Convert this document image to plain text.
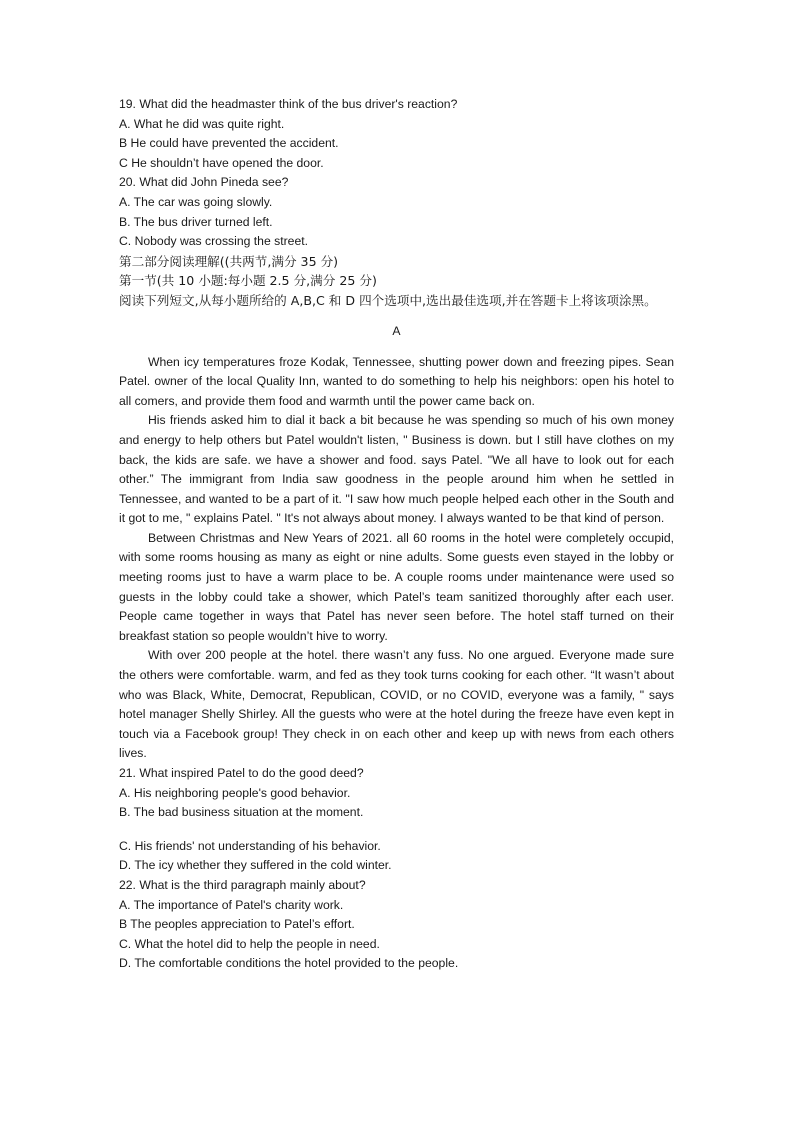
19. What did the headmaster think of the bus driver's reaction?
A. What he did was quite right.
B He could have prevented the accident.
C He shouldn’t have opened the door.
20. What did John Pineda see?
A. The car was going slowly.
B. The bus driver turned left.
C. Nobody was crossing the street.
第二部分阅读理解((共两节,满分 35 分)
第一节(共 10 小题:每小题 2.5 分,满分 25 分)
阅读下列短文,从每小题所给的 A,B,C 和 D 四个选项中,选出最佳选项,并在答题卡上将该项涂黑。
A

When icy temperatures froze Kodak, Tennessee, shutting power down and freezing pipes. Sean Patel. owner of the local Quality Inn, wanted to do something to help his neighbors: open his hotel to all comers, and provide them food and warmth until the power came back on.

His friends asked him to dial it back a bit because he was spending so much of his own money and energy to help others but Patel wouldn't listen, " Business is down. but I still have clothes on my back, the kids are safe. we have a shower and food. says Patel. "We all have to look out for each other.” The immigrant from India saw goodness in the people around him when he settled in Tennessee, and wanted to be a part of it. "I saw how much people helped each other in the South and it got to me, " explains Patel. " It's not always about money. I always wanted to be that kind of person.

Between Christmas and New Years of 2021. all 60 rooms in the hotel were completely occupid, with some rooms housing as many as eight or nine adults. Some guests even stayed in the lobby or meeting rooms just to have a warm place to be. A couple rooms under maintenance were used so guests in the lobby could take a shower, which Patel’s team sanitized thoroughly after each user. People came together in ways that Patel has never seen before. The hotel staff turned on their breakfast station so people wouldn’t hive to worry.

With over 200 people at the hotel. there wasn’t any fuss. No one argued. Everyone made sure the others were comfortable. warm, and fed as they took turns cooking for each other. “It wasn’t about who was Black, White, Democrat, Republican, COVID, or no COVID, everyone was a family, " says hotel manager Shelly Shirley. All the guests who were at the hotel during the freeze have even kept in touch via a Facebook group! They check in on each other and keep up with news from each others lives.

21. What inspired Patel to do the good deed?
A. His neighboring people's good behavior.
B. The bad business situation at the moment.
C. His friends' not understanding of his behavior.
D. The icy whether they suffered in the cold winter.
22. What is the third paragraph mainly about?
A. The importance of Patel's charity work.
B The peoples appreciation to Patel’s effort.
C. What the hotel did to help the people in need.
D. The comfortable conditions the hotel provided to the people.
